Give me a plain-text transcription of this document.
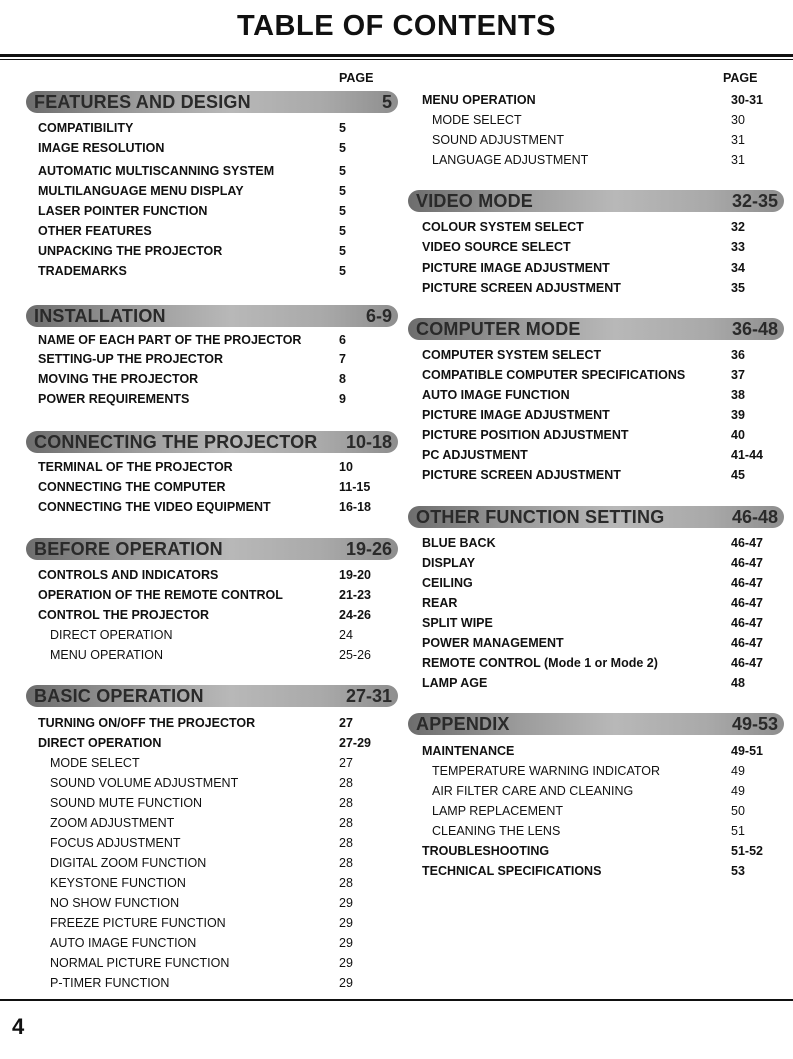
TABLE OF CONTENTS
PAGE
FEATURES AND DESIGN	5
COMPATIBILITY	5
IMAGE RESOLUTION	5
AUTOMATIC MULTISCANNING SYSTEM	5
MULTILANGUAGE MENU DISPLAY	5
LASER POINTER FUNCTION	5
OTHER FEATURES	5
UNPACKING THE PROJECTOR	5
TRADEMARKS	5
INSTALLATION	6-9
NAME OF EACH PART OF THE PROJECTOR	6
SETTING-UP THE PROJECTOR	7
MOVING THE PROJECTOR	8
POWER REQUIREMENTS	9
CONNECTING THE PROJECTOR 10-18
TERMINAL OF THE PROJECTOR	10
CONNECTING THE COMPUTER	11-15
CONNECTING THE VIDEO EQUIPMENT	16-18
BEFORE OPERATION	19-26
CONTROLS AND INDICATORS	19-20
OPERATION OF THE REMOTE CONTROL	21-23
CONTROL THE PROJECTOR	24-26
DIRECT OPERATION	24
MENU OPERATION	25-26
BASIC OPERATION	27-31
TURNING ON/OFF THE PROJECTOR	27
DIRECT OPERATION	27-29
MODE SELECT	27
SOUND VOLUME ADJUSTMENT	28
SOUND MUTE FUNCTION	28
ZOOM ADJUSTMENT	28
FOCUS ADJUSTMENT	28
DIGITAL ZOOM FUNCTION	28
KEYSTONE FUNCTION	28
NO SHOW FUNCTION	29
FREEZE PICTURE FUNCTION	29
AUTO IMAGE FUNCTION	29
NORMAL PICTURE FUNCTION	29
P-TIMER FUNCTION	29
PAGE
MENU OPERATION	30-31
MODE SELECT	30
SOUND ADJUSTMENT	31
LANGUAGE ADJUSTMENT	31
VIDEO MODE	32-35
COLOUR SYSTEM SELECT	32
VIDEO SOURCE SELECT	33
PICTURE IMAGE ADJUSTMENT	34
PICTURE SCREEN ADJUSTMENT	35
COMPUTER MODE	36-48
COMPUTER SYSTEM SELECT	36
COMPATIBLE COMPUTER SPECIFICATIONS	37
AUTO IMAGE FUNCTION	38
PICTURE IMAGE ADJUSTMENT	39
PICTURE POSITION ADJUSTMENT	40
PC ADJUSTMENT	41-44
PICTURE SCREEN ADJUSTMENT	45
OTHER FUNCTION SETTING	46-48
BLUE BACK	46-47
DISPLAY	46-47
CEILING	46-47
REAR	46-47
SPLIT WIPE	46-47
POWER MANAGEMENT	46-47
REMOTE CONTROL (Mode 1 or Mode 2)	46-47
LAMP AGE	48
APPENDIX	49-53
MAINTENANCE	49-51
TEMPERATURE WARNING INDICATOR	49
AIR FILTER CARE AND CLEANING	49
LAMP REPLACEMENT	50
CLEANING THE LENS	51
TROUBLESHOOTING	51-52
TECHNICAL SPECIFICATIONS	53
4
